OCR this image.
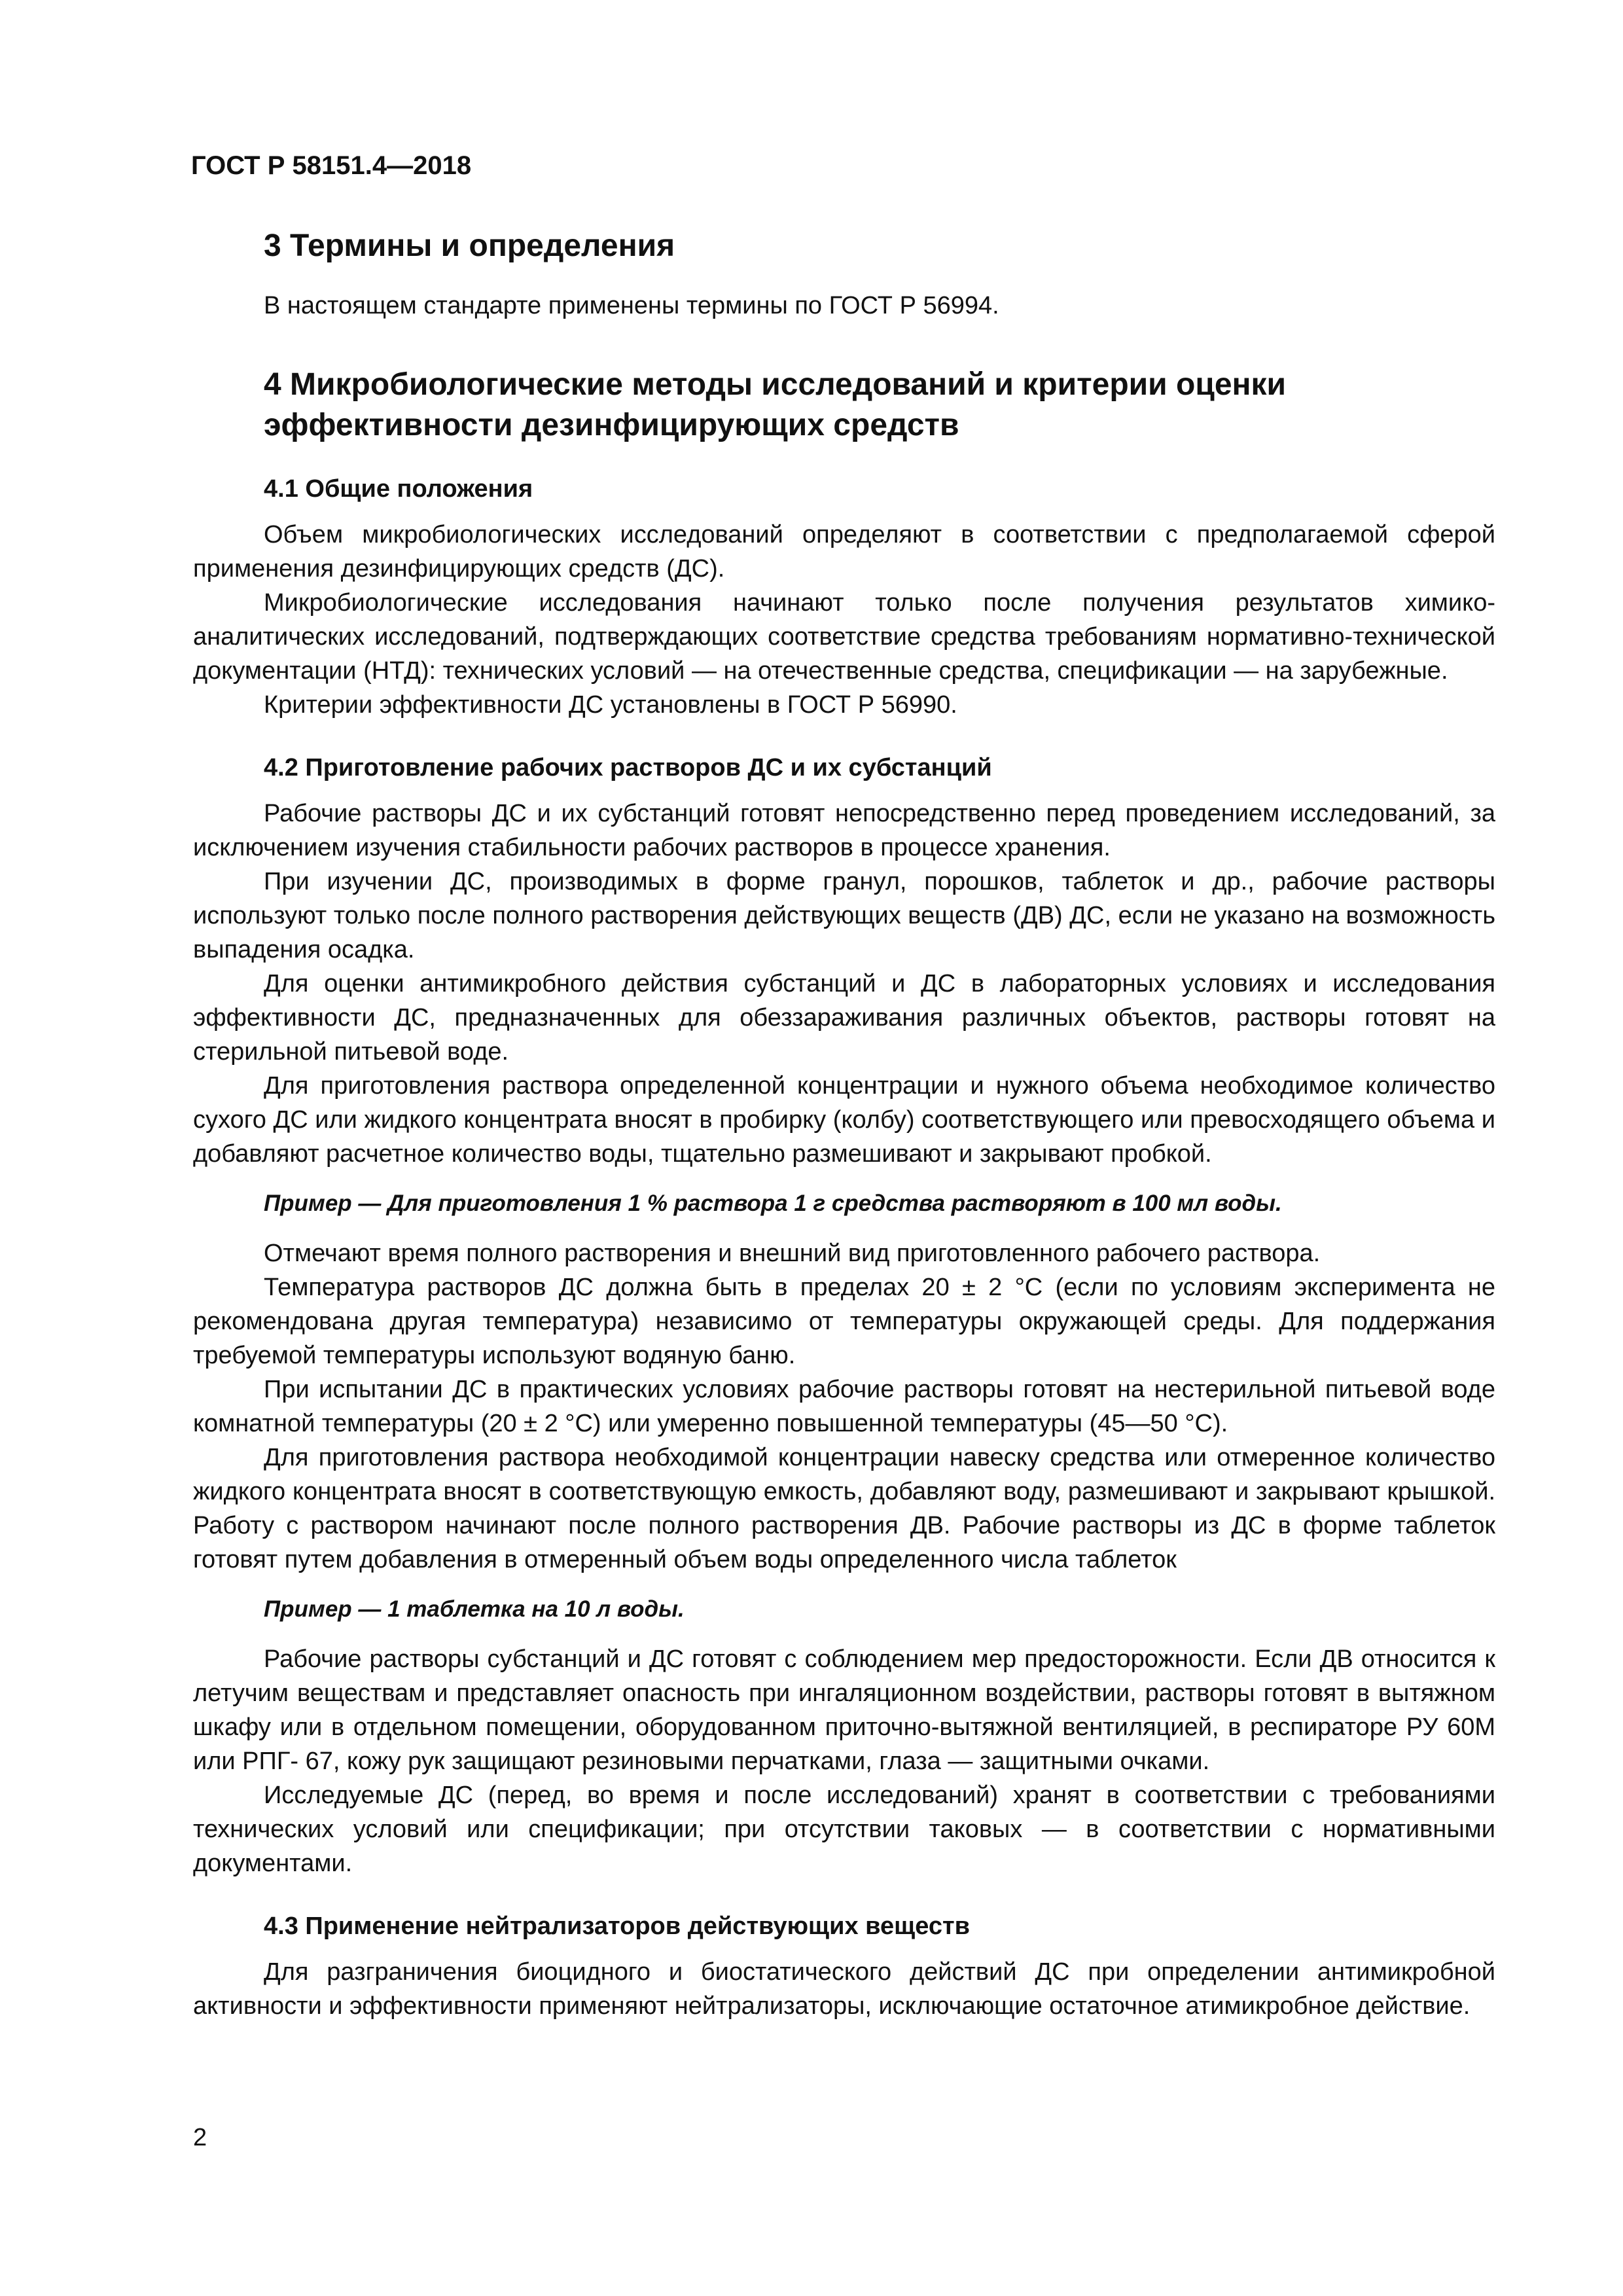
ГОСТ Р 58151.4—2018
3 Термины и определения

В настоящем стандарте применены термины по ГОСТ Р 56994.

4 Микробиологические методы исследований и критерии оценки эффективности дезинфицирующих средств
4.1 Общие положения

Объем микробиологических исследований определяют в соответствии с предполагаемой сферой применения дезинфицирующих средств (ДС).

Микробиологические исследования начинают только после получения результатов химико-аналитических исследований, подтверждающих соответствие средства требованиям нормативно-технической документации (НТД): технических условий — на отечественные средства, спецификации — на зарубежные.

Критерии эффективности ДС установлены в ГОСТ Р 56990.

4.2 Приготовление рабочих растворов ДС и их субстанций

Рабочие растворы ДС и их субстанций готовят непосредственно перед проведением исследований, за исключением изучения стабильности рабочих растворов в процессе хранения.

При изучении ДС, производимых в форме гранул, порошков, таблеток и др., рабочие растворы используют только после полного растворения действующих веществ (ДВ) ДС, если не указано на возможность выпадения осадка.

Для оценки антимикробного действия субстанций и ДС в лабораторных условиях и исследования эффективности ДС, предназначенных для обеззараживания различных объектов, растворы готовят на стерильной питьевой воде.

Для приготовления раствора определенной концентрации и нужного объема необходимое количество сухого ДС или жидкого концентрата вносят в пробирку (колбу) соответствующего или превосходящего объема и добавляют расчетное количество воды, тщательно размешивают и закрывают пробкой.

Пример — Для приготовления 1 % раствора 1 г средства растворяют в 100 мл воды.

Отмечают время полного растворения и внешний вид приготовленного рабочего раствора.

Температура растворов ДС должна быть в пределах 20 ± 2 °С (если по условиям эксперимента не рекомендована другая температура) независимо от температуры окружающей среды. Для поддержания требуемой температуры используют водяную баню.

При испытании ДС в практических условиях рабочие растворы готовят на нестерильной питьевой воде комнатной температуры (20 ± 2 °С) или умеренно повышенной температуры (45—50 °С).

Для приготовления раствора необходимой концентрации навеску средства или отмеренное количество жидкого концентрата вносят в соответствующую емкость, добавляют воду, размешивают и закрывают крышкой. Работу с раствором начинают после полного растворения ДВ. Рабочие растворы из ДС в форме таблеток готовят путем добавления в отмеренный объем воды определенного числа таблеток

Пример — 1 таблетка на 10 л воды.

Рабочие растворы субстанций и ДС готовят с соблюдением мер предосторожности. Если ДВ относится к летучим веществам и представляет опасность при ингаляционном воздействии, растворы готовят в вытяжном шкафу или в отдельном помещении, оборудованном приточно-вытяжной вентиляцией, в респираторе РУ 60М или РПГ- 67, кожу рук защищают резиновыми перчатками, глаза — защитными очками.

Исследуемые ДС (перед, во время и после исследований) хранят в соответствии с требованиями технических условий или спецификации; при отсутствии таковых — в соответствии с нормативными документами.

4.3 Применение нейтрализаторов действующих веществ

Для разграничения биоцидного и биостатического действий ДС при определении антимикробной активности и эффективности применяют нейтрализаторы, исключающие остаточное атимикробное действие.

2
